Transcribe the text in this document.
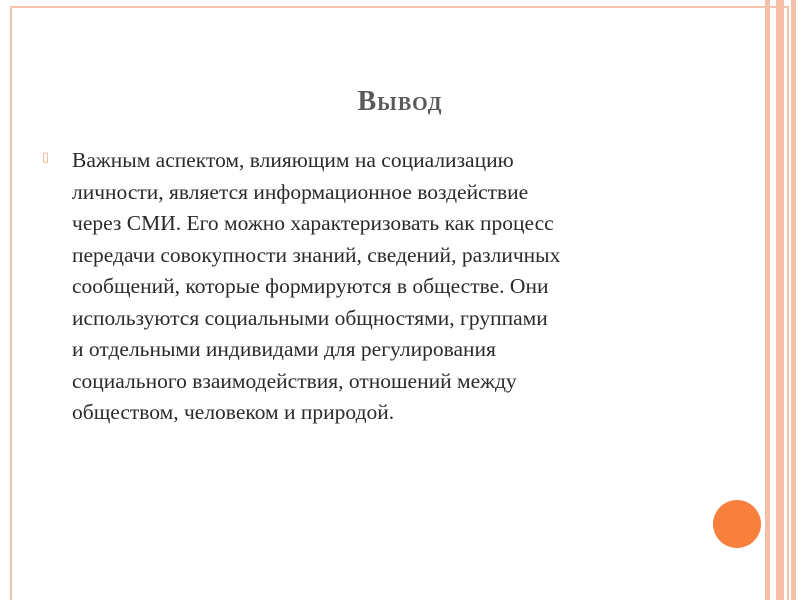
Вывод
▯ Важным аспектом, влияющим на социализацию
личности, является информационное воздействие
через СМИ. Его можно характеризовать как процесс
передачи совокупности знаний, сведений, различных
сообщений, которые формируются в обществе. Они
используются социальными общностями, группами
и отдельными индивидами для регулирования
социального взаимодействия, отношений между
обществом, человеком и природой.
